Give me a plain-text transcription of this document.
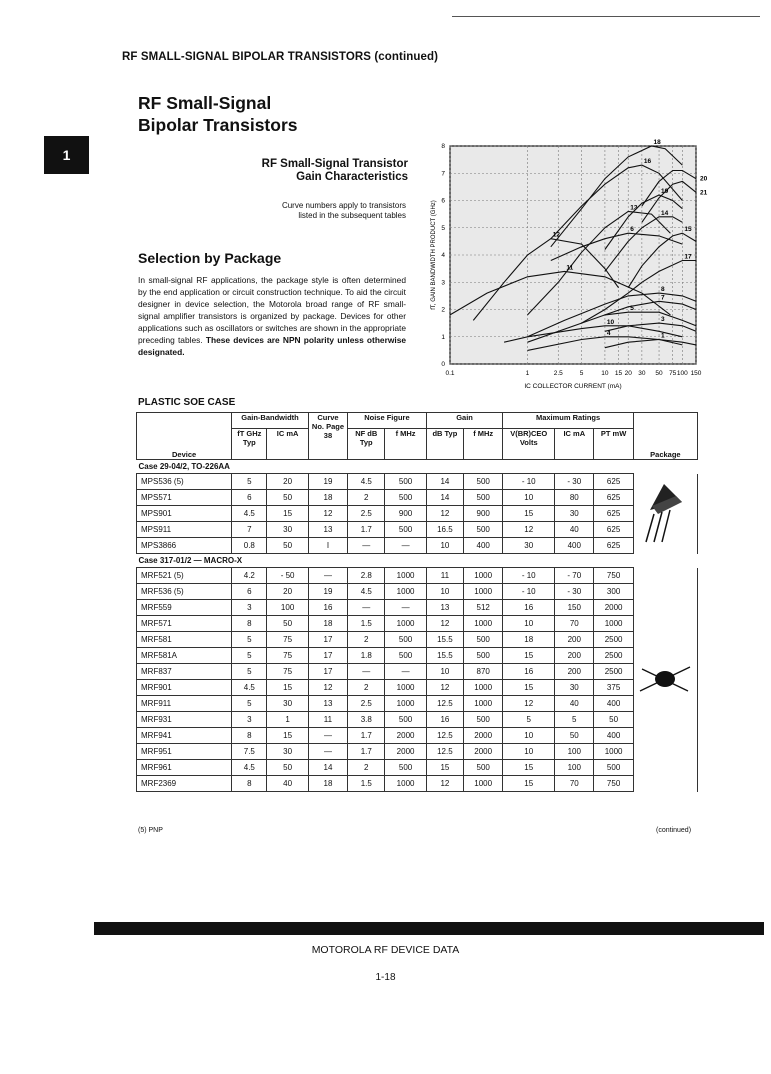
RF SMALL-SIGNAL BIPOLAR TRANSISTORS (continued)
1
RF Small-Signal
Bipolar Transistors
RF Small-Signal Transistor
Gain Characteristics
Curve numbers apply to transistors
listed in the subsequent tables
Selection by Package
In small-signal RF applications, the package style is often determined by the end application or circuit construction technique. To aid the circuit designer in device selection, the Motorola broad range of RF small-signal amplifier transistors is organized by package. Devices for other applications such as oscillators or switches are shown in the appropriate preceding tables. These devices are NPN polarity unless otherwise designated.
0.1	1	2.5	5	10 15 20 30 50 75 100 150
0
1
2
3
4
5
6
7
8
IC COLLECTOR CURRENT (mA)
fT, GAIN BANDWIDTH PRODUCT (GHz)
18
16
20
21
13
14
12
15
17
11
8
7
5
3
10
4	1
6
19
PLASTIC SOE CASE
Device	Gain-Bandwidth		Curve No. Page 38	Noise Figure		Gain		Maximum Ratings			Package
	fT GHz Typ	IC mA		NF dB Typ	f MHz	dB Typ	f MHz	V(BR)CEO Volts	IC mA	PT mW	
Case 29-04/2, TO-226AA											
MPS536 (5)	5	20	19	4.5	500	14	500	- 10	- 30	625	
MPS571	6	50	18	2	500	14	500	10	80	625	
MPS901	4.5	15	12	2.5	900	12	900	15	30	625	
MPS911	7	30	13	1.7	500	16.5	500	12	40	625	
MPS3866	0.8	50	I	—	—	10	400	30	400	625	
Case 317-01/2 — MACRO-X											
MRF521 (5)	4.2	- 50	—	2.8	1000	11	1000	- 10	- 70	750	
MRF536 (5)	6	20	19	4.5	1000	10	1000	- 10	- 30	300	
MRF559	3	100	16	—	—	13	512	16	150	2000	
MRF571	8	50	18	1.5	1000	12	1000	10	70	1000	
MRF581	5	75	17	2	500	15.5	500	18	200	2500	
MRF581A	5	75	17	1.8	500	15.5	500	15	200	2500	
MRF837	5	75	17	—	—	10	870	16	200	2500	
MRF901	4.5	15	12	2	1000	12	1000	15	30	375	
MRF911	5	30	13	2.5	1000	12.5	1000	12	40	400	
MRF931	3	1	11	3.8	500	16	500	5	5	50	
MRF941	8	15	—	1.7	2000	12.5	2000	10	50	400	
MRF951	7.5	30	—	1.7	2000	12.5	2000	10	100	1000	
MRF961	4.5	50	14	2	500	15	500	15	100	500	
MRF2369	8	40	18	1.5	1000	12	1000	15	70	750	
(5) PNP	(continued)
MOTOROLA RF DEVICE DATA
1-18
